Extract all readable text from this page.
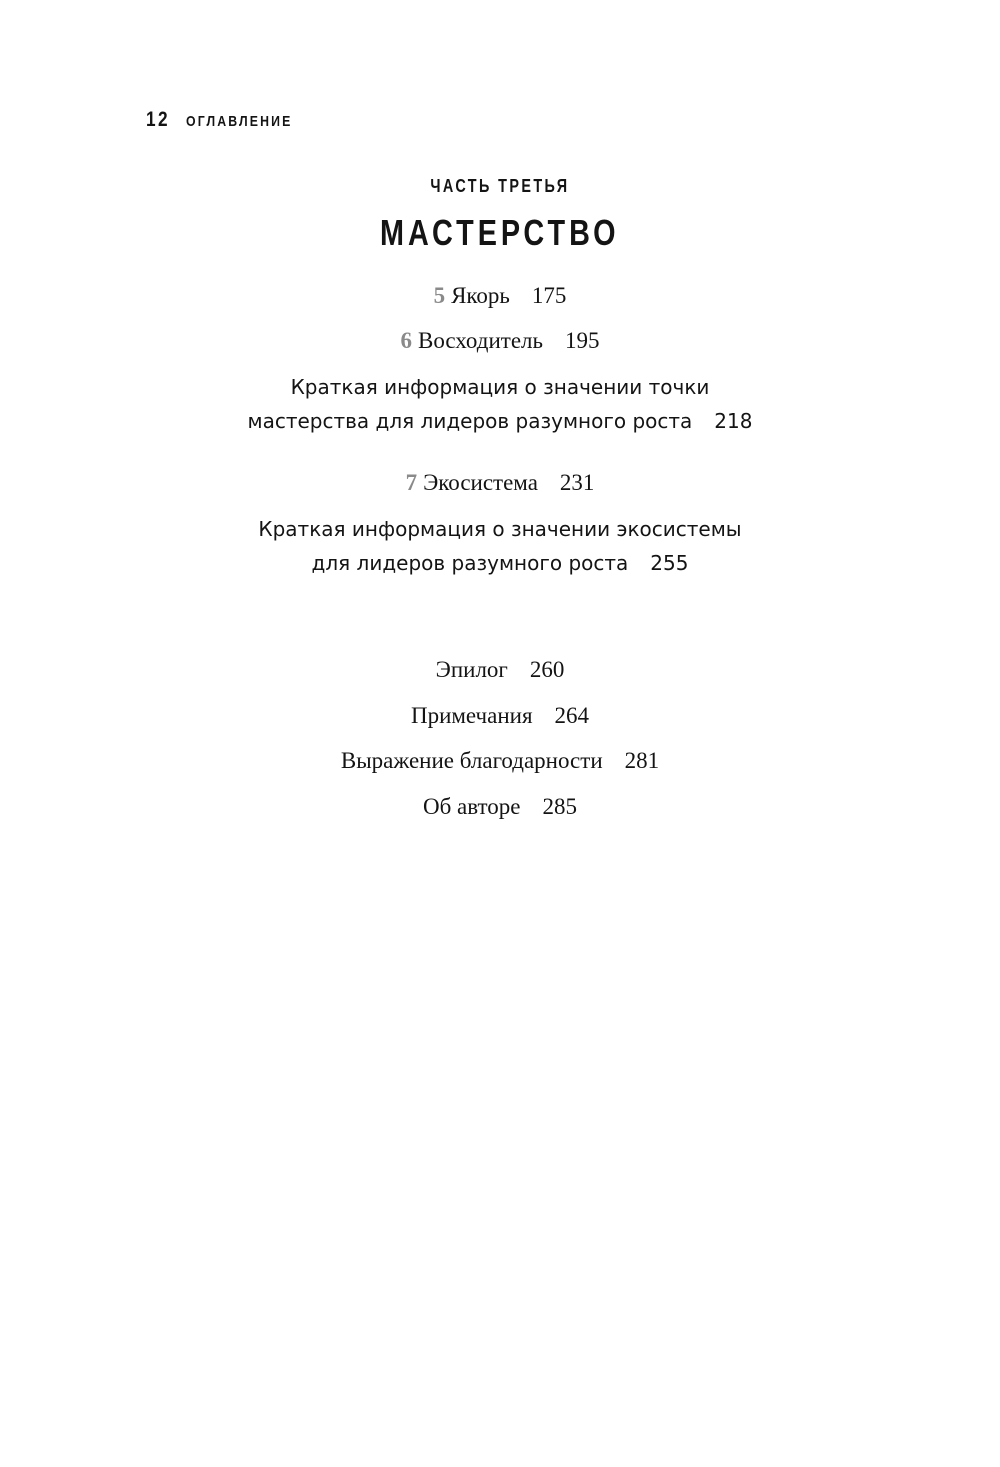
12 ОГЛАВЛЕНИЕ
ЧАСТЬ ТРЕТЬЯ
МАСТЕРСТВО
5 Якорь 175
6 Восходитель 195
Краткая информация о значении точки
мастерства для лидеров разумного роста 218
7 Экосистема 231
Краткая информация о значении экосистемы
для лидеров разумного роста 255
Эпилог 260
Примечания 264
Выражение благодарности 281
Об авторе 285
